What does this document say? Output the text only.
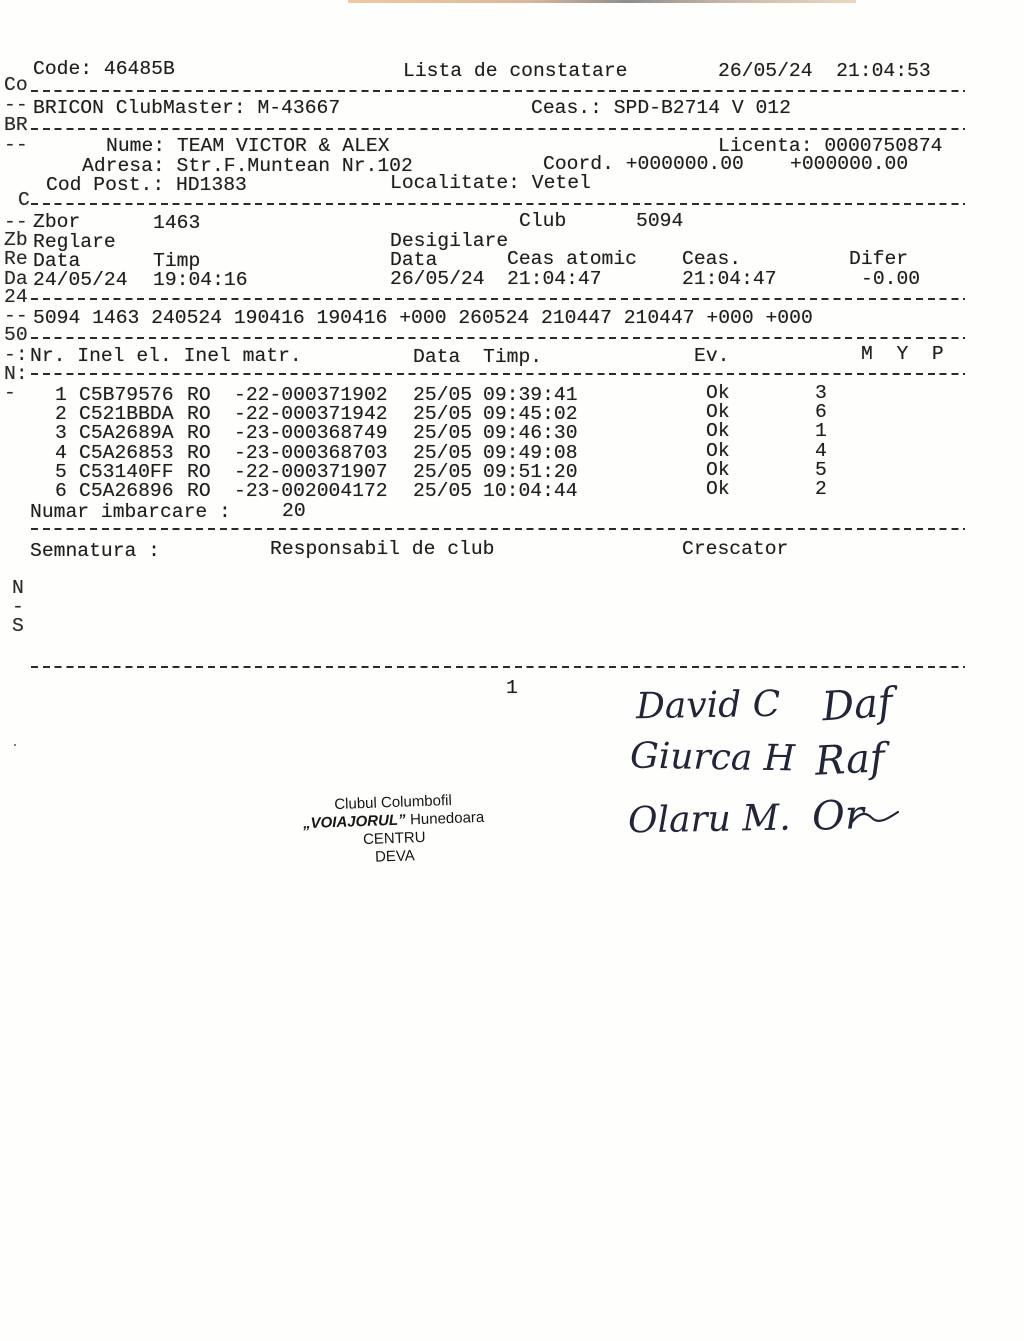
Co
--
BR
--
C
--
Zb
Re
Da
24
--
50
-:
N:
-
N
-
S
Code: 46485B	Lista de constatare	26/05/24 21:04:53
BRICON ClubMaster: M-43667	Ceas.: SPD-B2714 V 012
Nume: TEAM VICTOR & ALEX	Licenta: 0000750874
Adresa: Str.F.Muntean Nr.102	Coord. +000000.00 +000000.00
Cod Post.: HD1383	Localitate: Vetel
Zbor	1463	Club	5094
Reglare	Desigilare
Data	Timp	Data	Ceas atomic Ceas.	Difer
24/05/24 19:04:16	26/05/24 21:04:47	21:04:47	-0.00
5094 1463 240524 190416 190416 +000 260524 210447 210447 +000 +000
Nr. Inel el. Inel matr.	Data Timp.	Ev.	M  Y  P
1 C5B79576 RO -22-000371902 25/05 09:39:41	Ok	3
2 C521BBDA RO -22-000371942 25/05 09:45:02	Ok	6
3 C5A2689A RO -23-000368749 25/05 09:46:30	Ok	1
4 C5A26853 RO -23-000368703 25/05 09:49:08	Ok	4
5 C53140FF RO -22-000371907 25/05 09:51:20	Ok	5
6 C5A26896 RO -23-002004172 25/05 10:04:44	Ok	2
Numar imbarcare :	20
Semnatura :	Responsabil de club	Crescator
1	David C Daf
Giurca H Raf
Olaru M. Or
Clubul Columbofil
„VOIAJORUL” Hunedoara
CENTRU
DEVA
